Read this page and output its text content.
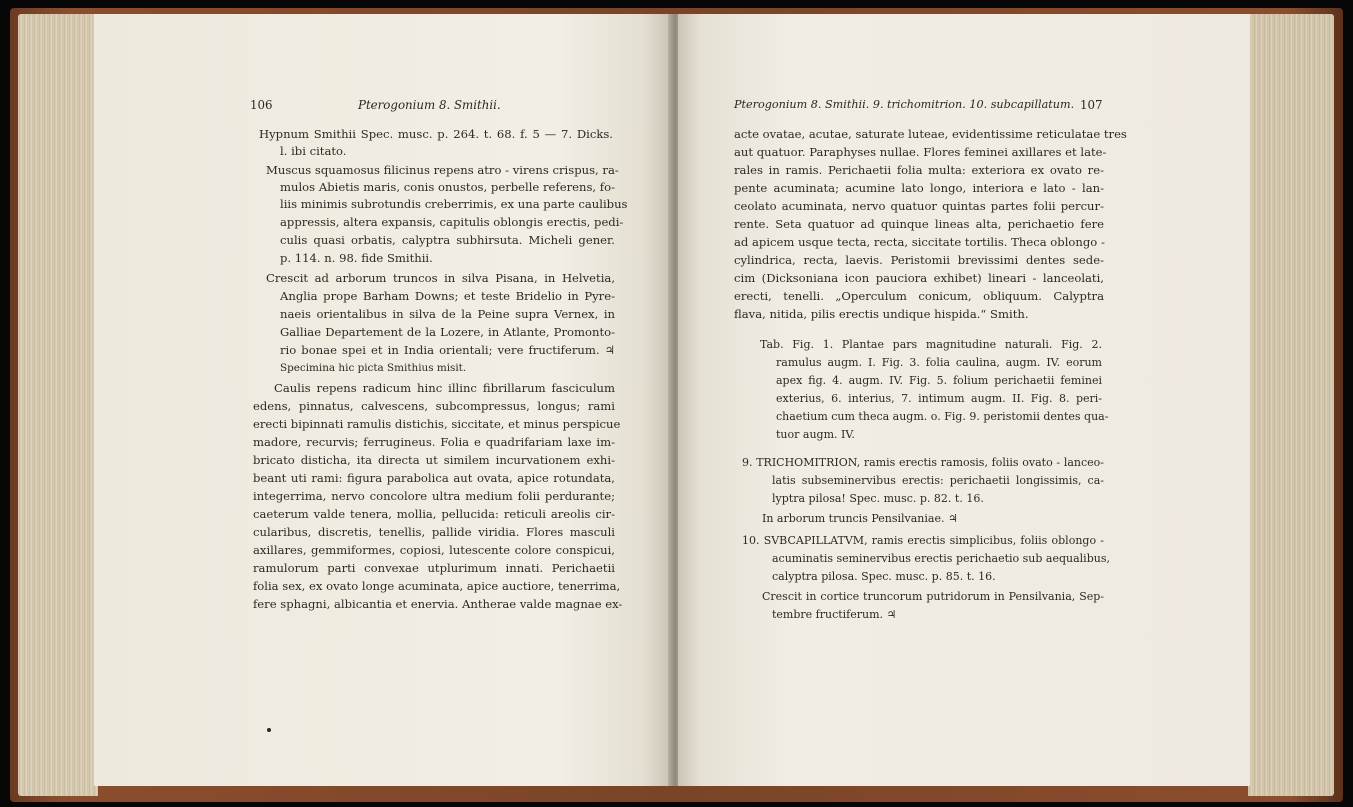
106	Pterogonium 8. Smithii.
Hypnum Smithii Spec. musc. p. 264. t. 68. f. 5 — 7. Dicks.
l. ibi citato.
Muscus squamosus filicinus repens atro - virens crispus, ra-
mulos Abietis maris, conis onustos, perbelle referens, fo-
liis minimis subrotundis creberrimis, ex una parte caulibus
appressis, altera expansis, capitulis oblongis erectis, pedi-
culis quasi orbatis, calyptra subhirsuta. Micheli gener.
p. 114. n. 98. fide Smithii.
Crescit ad arborum truncos in silva Pisana, in Helvetia,
Anglia prope Barham Downs; et teste Bridelio in Pyre-
naeis orientalibus in silva de la Peine supra Vernex, in
Galliae Departement de la Lozere, in Atlante, Promonto-
rio bonae spei et in India orientali; vere fructiferum. ♃
Specimina hic picta Smithius misit.
Caulis repens radicum hinc illinc fibrillarum fasciculum
edens, pinnatus, calvescens, subcompressus, longus; rami
erecti bipinnati ramulis distichis, siccitate, et minus perspicue
madore, recurvis; ferrugineus. Folia e quadrifariam laxe im-
bricato disticha, ita directa ut similem incurvationem exhi-
beant uti rami: figura parabolica aut ovata, apice rotundata,
integerrima, nervo concolore ultra medium folii perdurante;
caeterum valde tenera, mollia, pellucida: reticuli areolis cir-
cularibus, discretis, tenellis, pallide viridia. Flores masculi
axillares, gemmiformes, copiosi, lutescente colore conspicui,
ramulorum parti convexae utplurimum innati. Perichaetii
folia sex, ex ovato longe acuminata, apice auctiore, tenerrima,
fere sphagni, albicantia et enervia. Antherae valde magnae ex-
Pterogonium 8. Smithii. 9. trichomitrion. 10. subcapillatum. 107
acte ovatae, acutae, saturate luteae, evidentissime reticulatae tres
aut quatuor. Paraphyses nullae. Flores feminei axillares et late-
rales in ramis. Perichaetii folia multa: exteriora ex ovato re-
pente acuminata; acumine lato longo, interiora e lato - lan-
ceolato acuminata, nervo quatuor quintas partes folii percur-
rente. Seta quatuor ad quinque lineas alta, perichaetio fere
ad apicem usque tecta, recta, siccitate tortilis. Theca oblongo -
cylindrica, recta, laevis. Peristomii brevissimi dentes sede-
cim (Dicksoniana icon pauciora exhibet) lineari - lanceolati,
erecti, tenelli. „Operculum conicum, obliquum. Calyptra
flava, nitida, pilis erectis undique hispida.“ Smith.
Tab. Fig. 1. Plantae pars magnitudine naturali. Fig. 2.
ramulus augm. I. Fig. 3. folia caulina, augm. IV. eorum
apex fig. 4. augm. IV. Fig. 5. folium perichaetii feminei
exterius, 6. interius, 7. intimum augm. II. Fig. 8. peri-
chaetium cum theca augm. o. Fig. 9. peristomii dentes qua-
tuor augm. IV.
9. TRICHOMITRION, ramis erectis ramosis, foliis ovato - lanceo-
latis subseminervibus erectis: perichaetii longissimis, ca-
lyptra pilosa! Spec. musc. p. 82. t. 16.
In arborum truncis Pensilvaniae. ♃
10. SVBCAPILLATVM, ramis erectis simplicibus, foliis oblongo -
acuminatis seminervibus erectis perichaetio sub aequalibus,
calyptra pilosa. Spec. musc. p. 85. t. 16.
Crescit in cortice truncorum putridorum in Pensilvania, Sep-
tembre fructiferum. ♃
